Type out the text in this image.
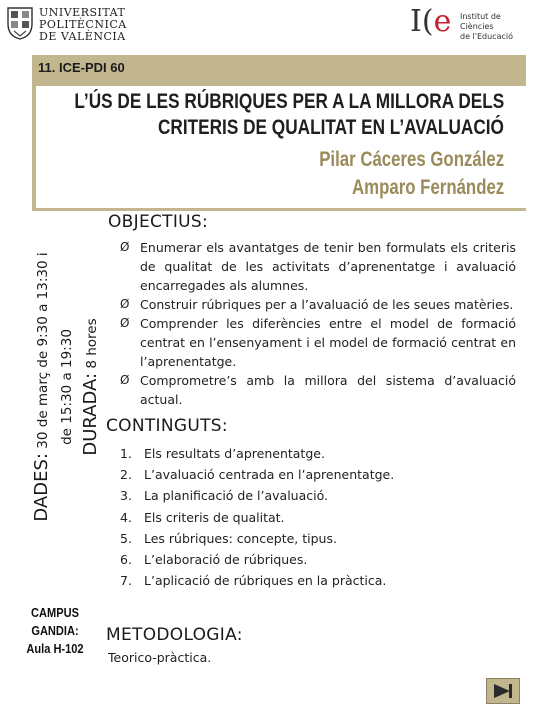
UNIVERSITAT
POLITÈCNICA
DE VALÈNCIA	I(e Institut de
Ciències
de l'Educació
L’ÚS DE LES RÚBRIQUES PER A LA MILLORA DELS
CRITERIS DE QUALITAT EN L’AVALUACIÓ
Pilar Cáceres González
Amparo Fernández
11. ICE-PDI 60
DADES: 30 de març de 9:30 a 13:30 i de 15:30 a 19:30 DURADA: 8 hores
CAMPUS
GANDIA:
Aula H-102
OBJECTIUS:
Ø Enumerar els avantatges de tenir ben formulats els criteris de qualitat de les activitats d’aprenentatge i avaluació encarregades als alumnes.
Ø Construir rúbriques per a l’avaluació de les seues matèries.
Ø Comprender les diferències entre el model de formació centrat en l’ensenyament i el model de formació centrat en l’aprenentatge.
Ø Comprometre’s amb la millora del sistema d’avaluació actual.
CONTINGUTS:
1. Els resultats d’aprenentatge.
2. L’avaluació centrada en l’aprenentatge.
3. La planificació de l’avaluació.
4. Els criteris de qualitat.
5. Les rúbriques: concepte, tipus.
6. L’elaboració de rúbriques.
7. L’aplicació de rúbriques en la pràctica.
METODOLOGIA:
Teorico-pràctica.
